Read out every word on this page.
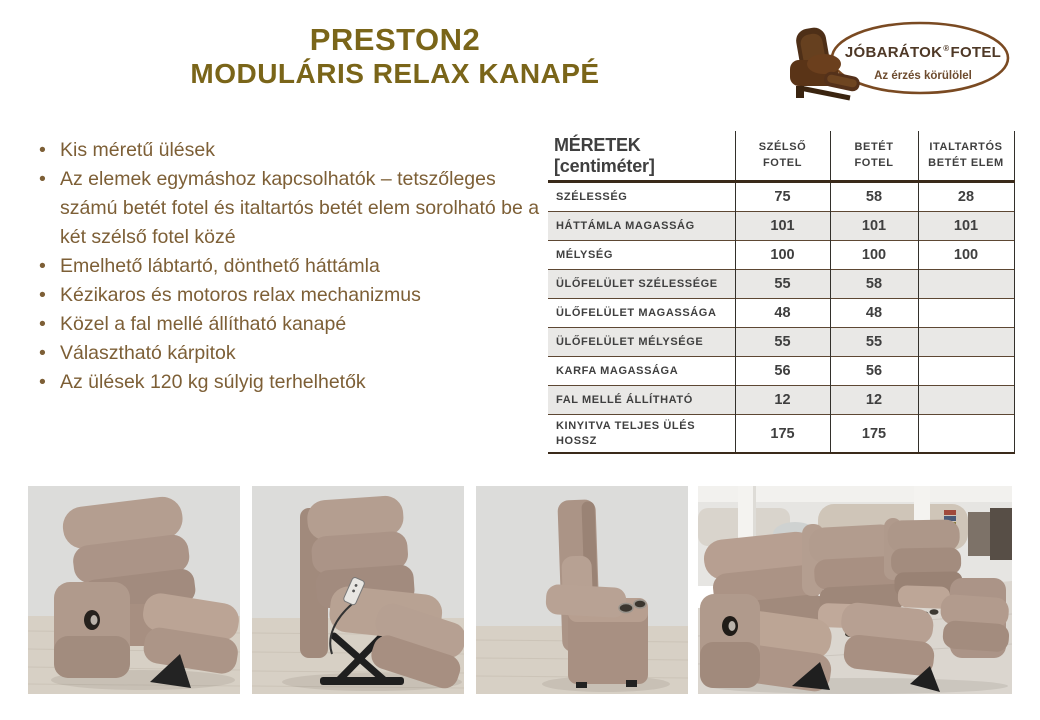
PRESTON2
MODULÁRIS RELAX KANAPÉ
JÓBARÁTOK®FOTEL
Az érzés körülölel
• Kis méretű ülések
• Az elemek egymáshoz kapcsolhatók – tetszőleges számú betét fotel és italtartós betét elem sorolható be a két szélső fotel közé
• Emelhető lábtartó, dönthető háttámla
• Kézikaros és motoros relax mechanizmus
• Közel a fal mellé állítható kanapé
• Választható kárpitok
• Az ülések 120 kg súlyig terhelhetők
MÉRETEK [centiméter]	SZÉLSŐ FOTEL	BETÉT FOTEL	ITALTARTÓS BETÉT ELEM
SZÉLESSÉG	75	58	28
HÁTTÁMLA MAGASSÁG	101	101	101
MÉLYSÉG	100	100	100
ÜLŐFELÜLET SZÉLESSÉGE	55	58	
ÜLŐFELÜLET MAGASSÁGA	48	48	
ÜLŐFELÜLET MÉLYSÉGE	55	55	
KARFA MAGASSÁGA	56	56	
FAL MELLÉ ÁLLÍTHATÓ	12	12	
KINYITVA TELJES ÜLÉS HOSSZ	175	175	
